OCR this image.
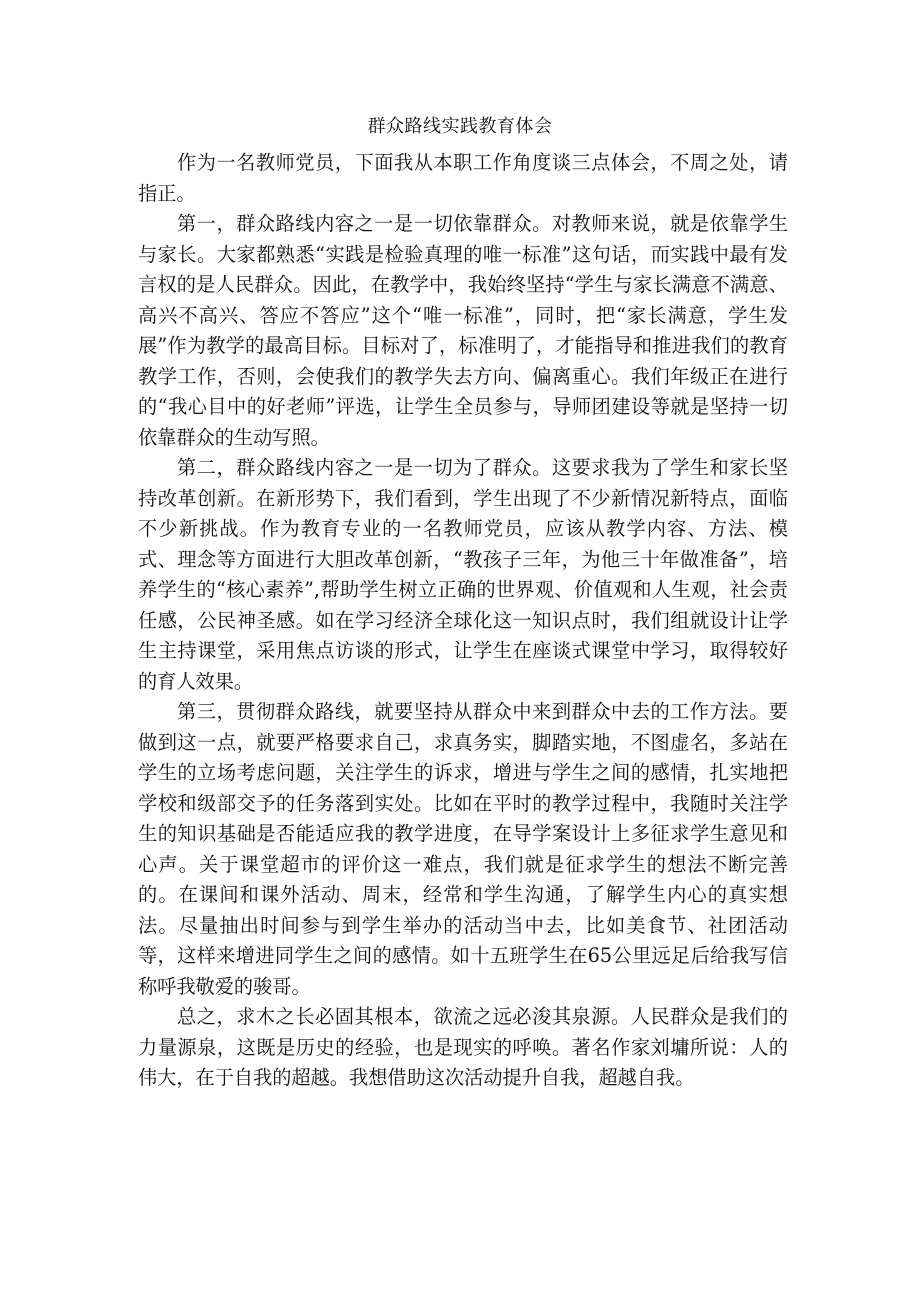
群众路线实践教育体会

作为一名教师党员，下面我从本职工作角度谈三点体会，不周之处，请指正。

第一，群众路线内容之一是一切依靠群众。对教师来说，就是依靠学生与家长。大家都熟悉“实践是检验真理的唯一标准”这句话，而实践中最有发言权的是人民群众。因此，在教学中，我始终坚持“学生与家长满意不满意、高兴不高兴、答应不答应”这个“唯一标准”，同时，把“家长满意，学生发展”作为教学的最高目标。目标对了，标准明了，才能指导和推进我们的教育教学工作，否则，会使我们的教学失去方向、偏离重心。我们年级正在进行的“我心目中的好老师”评选，让学生全员参与，导师团建设等就是坚持一切依靠群众的生动写照。

第二，群众路线内容之一是一切为了群众。这要求我为了学生和家长坚持改革创新。在新形势下，我们看到，学生出现了不少新情况新特点，面临不少新挑战。作为教育专业的一名教师党员，应该从教学内容、方法、模式、理念等方面进行大胆改革创新，“教孩子三年，为他三十年做准备”，培养学生的“核心素养”,帮助学生树立正确的世界观、价值观和人生观，社会责任感，公民神圣感。如在学习经济全球化这一知识点时，我们组就设计让学生主持课堂，采用焦点访谈的形式，让学生在座谈式课堂中学习，取得较好的育人效果。

第三，贯彻群众路线，就要坚持从群众中来到群众中去的工作方法。要做到这一点，就要严格要求自己，求真务实，脚踏实地，不图虚名，多站在学生的立场考虑问题，关注学生的诉求，增进与学生之间的感情，扎实地把学校和级部交予的任务落到实处。比如在平时的教学过程中，我随时关注学生的知识基础是否能适应我的教学进度，在导学案设计上多征求学生意见和心声。关于课堂超市的评价这一难点，我们就是征求学生的想法不断完善的。在课间和课外活动、周末，经常和学生沟通，了解学生内心的真实想法。尽量抽出时间参与到学生举办的活动当中去，比如美食节、社团活动等，这样来增进同学生之间的感情。如十五班学生在65公里远足后给我写信称呼我敬爱的骏哥。

总之，求木之长必固其根本，欲流之远必浚其泉源。人民群众是我们的力量源泉，这既是历史的经验，也是现实的呼唤。著名作家刘墉所说：人的伟大，在于自我的超越。我想借助这次活动提升自我，超越自我。
